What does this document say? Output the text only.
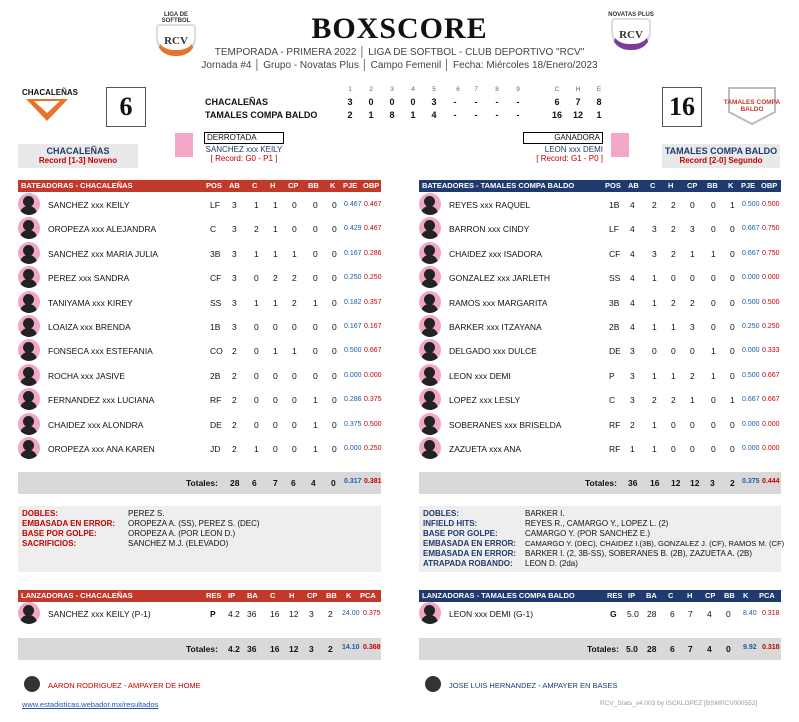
LIGA DE SOFTBOL
RCV
NOVATAS PLUS
RCV
BOXSCORE
TEMPORADA - PRIMERA 2022 │ LIGA DE SOFTBOL - CLUB DEPORTIVO "RCV"
Jornada #4 │ Grupo - Novatas Plus │ Campo Femenil │ Fecha: Miércoles 18/Enero/2023
CHACALEÑAS	6	TAMALES COMPA BALDO
16
1	2	3	4	5	6	7	8	9	C	H	E
CHACALEÑAS	3	0	0	0	3	-	-	-	-	6	7	8
TAMALES COMPA BALDO	2	1	8	1	4	-	-	-	-	16 12	1
CHACALEÑAS
Record [1-3] Noveno
TAMALES COMPA BALDO
Record [2-0] Segundo
DERROTADA
SANCHEZ xxx KEILY
[ Record: G0 - P1 ]
GANADORA
LEON xxx DEMI
[ Record: G1 - P0 ]
BATEADORAS - CHACALEÑAS	POS AB C H CP BB K PJE OBP
SANCHEZ xxx KEILY	LF 3 1 1 0 0 0 0.467 0.467
OROPEZA xxx ALEJANDRA	C 3 2 1 0 0 0 0.429 0.467
SANCHEZ xxx MARIA JULIA	3B 3 1 1 1 0 0 0.167 0.286
PEREZ xxx SANDRA	CF 3 0 2 2 0 0 0.250 0.250
TANIYAMA xxx KIREY	SS 3 1 1 2 1 0 0.182 0.357
LOAIZA xxx BRENDA	1B 3 0 0 0 0 0 0.167 0.167
FONSECA xxx ESTEFANIA	CO 2 0 1 1 0 0 0.500 0.667
ROCHA xxx JASIVE	2B 2 0 0 0 0 0 0.000 0.000
FERNANDEZ xxx LUCIANA	RF 2 0 0 0 1 0 0.286 0.375
CHAIDEZ xxx ALONDRA	DE 2 0 0 0 1 0 0.375 0.500
OROPEZA xxx ANA KAREN	JD 2 1 0 0 1 0 0.000 0.250
Totales: 28 6 7 6 4 0 0.317 0.381
BATEADORES - TAMALES COMPA BALDO	POS AB C H CP BB K PJE OBP
REYES xxx RAQUEL	1B 4 2 2 0 0 1 0.500 0.500
BARRON xxx CINDY	LF 4 3 2 3 0 0 0.667 0.750
CHAIDEZ xxx ISADORA	CF 4 3 2 1 1 0 0.667 0.750
GONZALEZ xxx JARLETH	SS 4 1 0 0 0 0 0.000 0.000
RAMOS xxx MARGARITA	3B 4 1 2 2 0 0 0.500 0.500
BARKER xxx ITZAYANA	2B 4 1 1 3 0 0 0.250 0.250
DELGADO xxx DULCE	DE 3 0 0 0 1 0 0.000 0.333
LEON xxx DEMI	P 3 1 1 2 1 0 0.500 0.667
LOPEZ xxx LESLY	C 3 2 2 1 0 1 0.667 0.667
SOBERANES xxx BRISELDA	RF 2 1 0 0 0 0 0.000 0.000
ZAZUETA xxx ANA	RF 1 1 0 0 0 0 0.000 0.000
Totales: 36 16 12 12 3 2 0.375 0.444
DOBLES:	PEREZ S.
EMBASADA EN ERROR: OROPEZA A. (SS), PEREZ S. (DEC)
BASE POR GOLPE:	OROPEZA A. (POR LEON D.)
SACRIFICIOS:	SANCHEZ M.J. (ELEVADO)
DOBLES:	BARKER I.
INFIELD HITS:	REYES R., CAMARGO Y., LOPEZ L. (2)
BASE POR GOLPE:	CAMARGO Y. (POR SANCHEZ E.)
EMBASADA EN ERROR: CAMARGO Y. (DEC), CHAIDEZ I.(3B), GONZALEZ J. (CF), RAMOS M. (CF)
EMBASADA EN ERROR: BARKER I. (2, 3B-SS), SOBERANES B. (2B), ZAZUETA A. (2B)
ATRAPADA ROBANDO: LEON D. (2da)
LANZADORAS - CHACALEÑAS	RES IP BA C H CP BB K PCA
SANCHEZ xxx KEILY (P-1)	P 4.2 36 16 12 3 2 24.00 0.375
Totales: 4.2 36 16 12 3 2 14.10 0.368
LANZADORAS - TAMALES COMPA BALDO	RES IP BA C H CP BB K PCA
LEON xxx DEMI (G-1)	G 5.0 28 6 7 4 0 8.40 0.318
Totales: 5.0 28 6 7 4 0 9.92 0.318
AARON RODRIGUEZ - AMPAYER DE HOME	JOSE LUIS HERNANDEZ - AMPAYER EN BASES
www.estadisticas.webador.mx/resultados	RCV_Stats_v4.003 by ISCKLOPEZ [BSMRCV000552]
